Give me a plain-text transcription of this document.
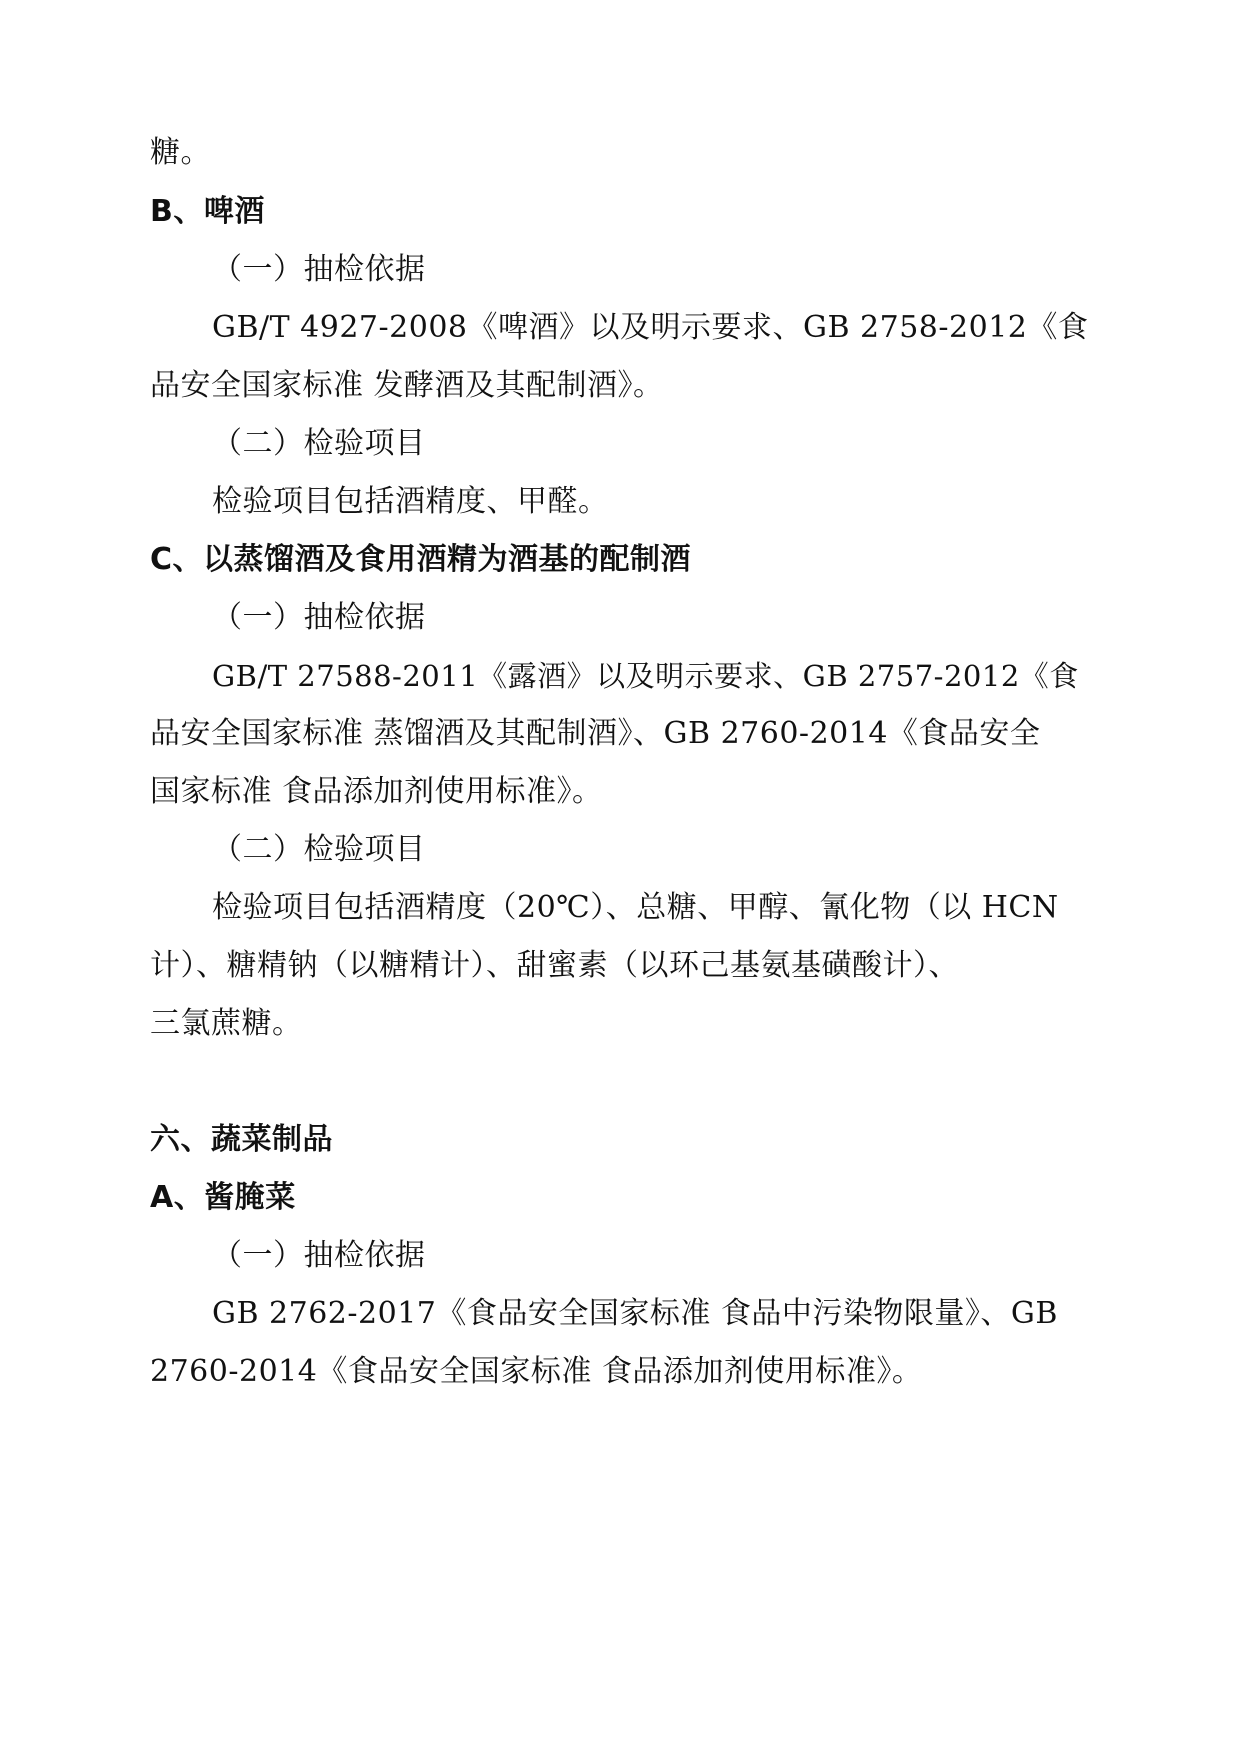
糖。
B、啤酒
（一）抽检依据
GB/T 4927-2008《啤酒》以及明示要求、GB 2758-2012《食
品安全国家标准 发酵酒及其配制酒》。
（二）检验项目
检验项目包括酒精度、甲醛。
C、以蒸馏酒及食用酒精为酒基的配制酒
（一）抽检依据
GB/T 27588-2011《露酒》以及明示要求、GB 2757-2012《食
品安全国家标准 蒸馏酒及其配制酒》、GB 2760-2014《食品安全
国家标准 食品添加剂使用标准》。
（二）检验项目
检验项目包括酒精度（20℃）、总糖、甲醇、氰化物（以 HCN
计）、糖精钠（以糖精计）、甜蜜素（以环己基氨基磺酸计）、
三氯蔗糖。
六、蔬菜制品
A、酱腌菜
（一）抽检依据
GB 2762-2017《食品安全国家标准 食品中污染物限量》、GB
2760-2014《食品安全国家标准 食品添加剂使用标准》。
